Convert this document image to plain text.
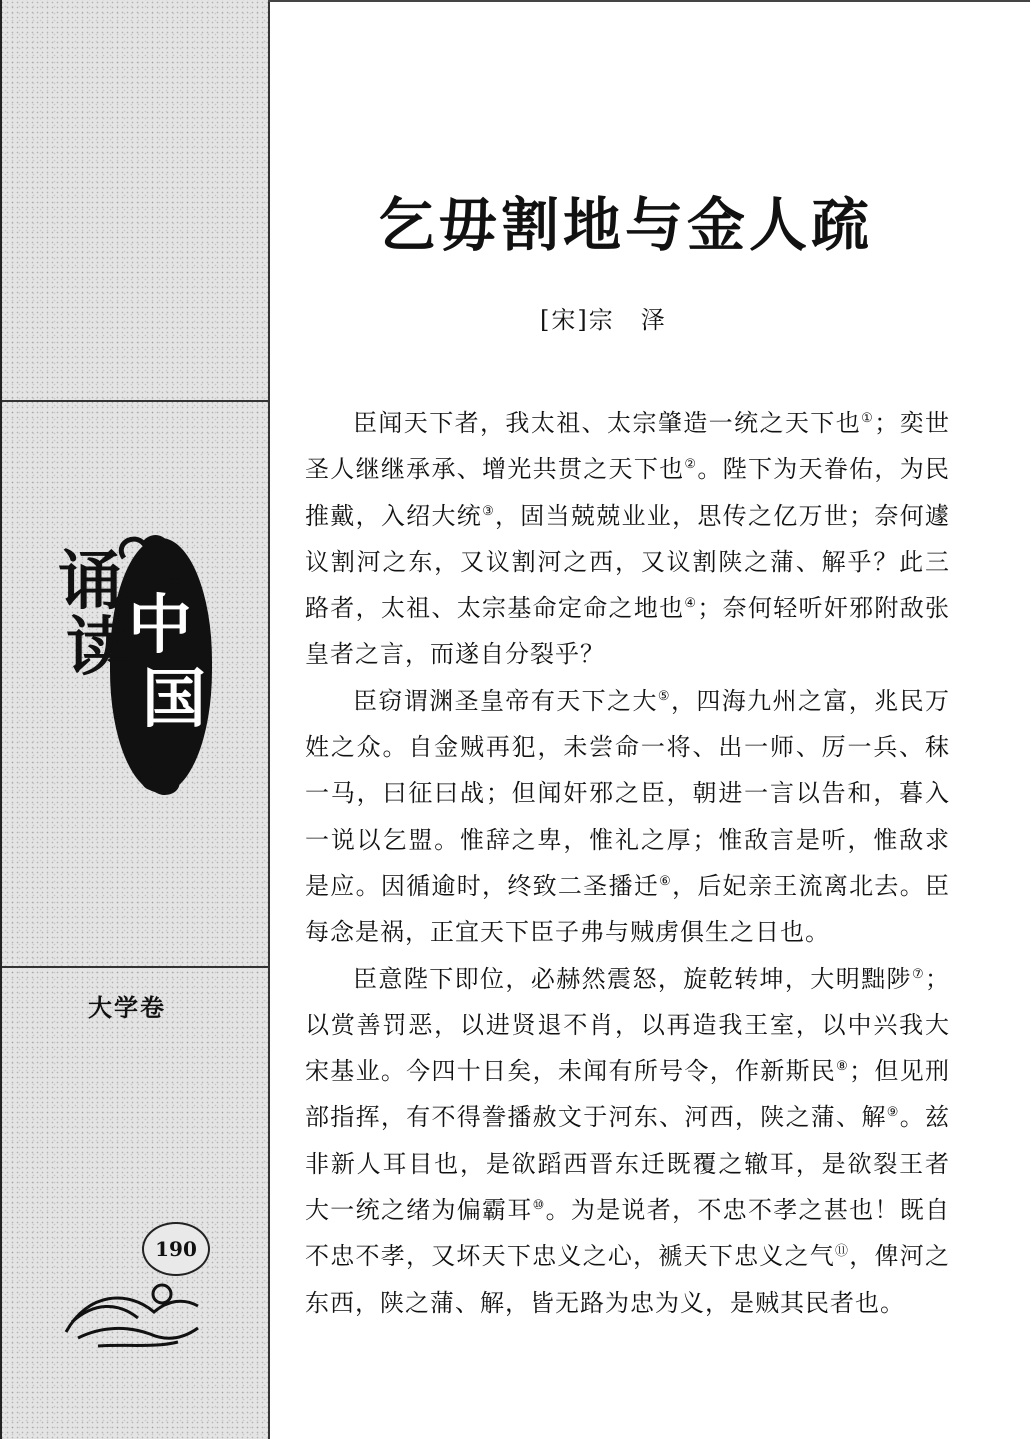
诵
读
中
国
大学卷
190
乞毋割地与金人疏
[宋]宗　泽

臣闻天下者，我太祖、太宗肇造一统之天下也①；奕世圣人继继承承、增光共贯之天下也②。陛下为天眷佑，为民推戴，入绍大统③，固当兢兢业业，思传之亿万世；奈何遽议割河之东，又议割河之西，又议割陕之蒲、解乎？此三路者，太祖、太宗基命定命之地也④；奈何轻听奸邪附敌张皇者之言，而遂自分裂乎？

臣窃谓渊圣皇帝有天下之大⑤，四海九州之富，兆民万姓之众。自金贼再犯，未尝命一将、出一师、厉一兵、秣一马，曰征曰战；但闻奸邪之臣，朝进一言以告和，暮入一说以乞盟。惟辞之卑，惟礼之厚；惟敌言是听，惟敌求是应。因循逾时，终致二圣播迁⑥，后妃亲王流离北去。臣每念是祸，正宜天下臣子弗与贼虏俱生之日也。

臣意陛下即位，必赫然震怒，旋乾转坤，大明黜陟⑦；以赏善罚恶，以进贤退不肖，以再造我王室，以中兴我大宋基业。今四十日矣，未闻有所号令，作新斯民⑧；但见刑部指挥，有不得誊播赦文于河东、河西，陕之蒲、解⑨。兹非新人耳目也，是欲蹈西晋东迁既覆之辙耳，是欲裂王者大一统之绪为偏霸耳⑩。为是说者，不忠不孝之甚也！既自不忠不孝，又坏天下忠义之心，褫天下忠义之气⑪，俾河之东西，陕之蒲、解，皆无路为忠为义，是贼其民者也。
